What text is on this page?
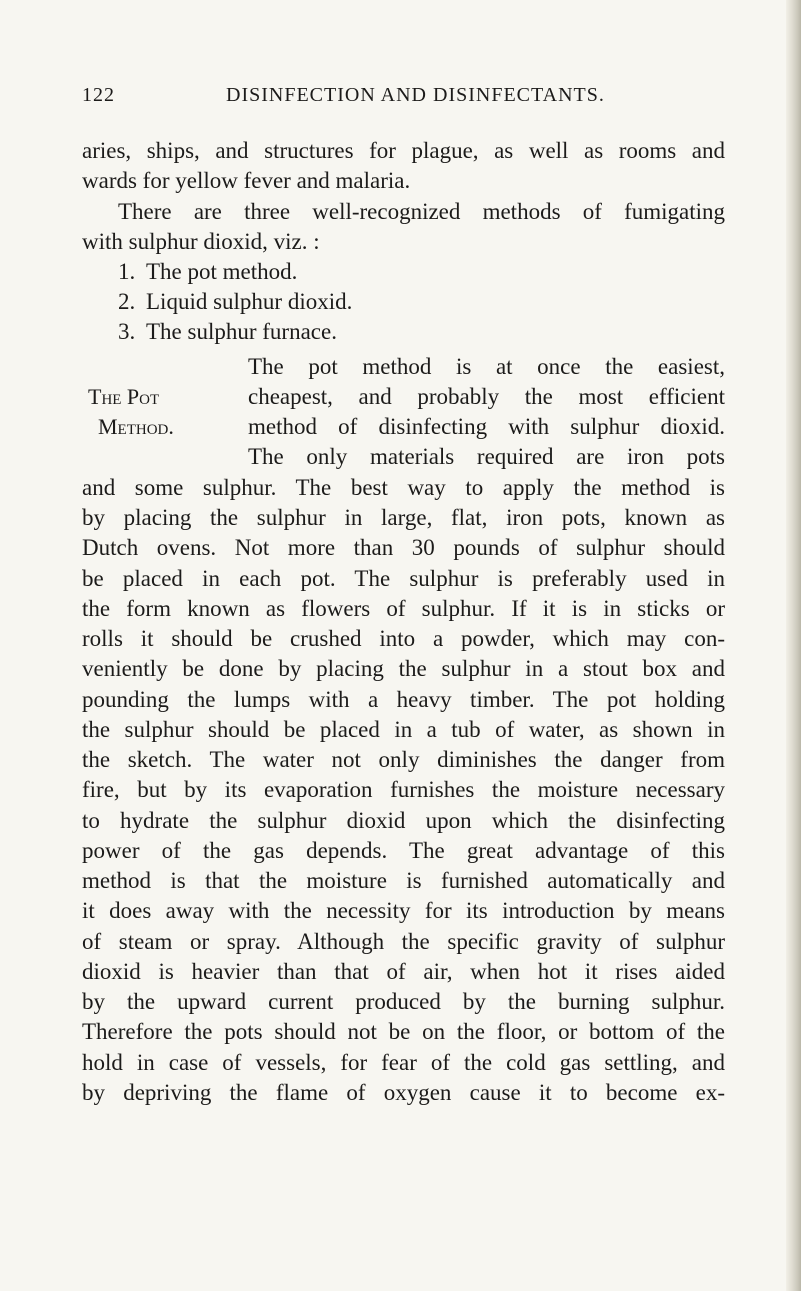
122	DISINFECTION AND DISINFECTANTS.
aries, ships, and structures for plague, as well as rooms and
wards for yellow fever and malaria.
There are three well-recognized methods of fumigating
with sulphur dioxid, viz. :
1. The pot method.
2. Liquid sulphur dioxid.
3. The sulphur furnace.
The Pot
Method.
The pot method is at once the easiest,
cheapest, and probably the most efficient
method of disinfecting with sulphur dioxid.
The only materials required are iron pots
and some sulphur. The best way to apply the method is
by placing the sulphur in large, flat, iron pots, known as
Dutch ovens. Not more than 30 pounds of sulphur should
be placed in each pot. The sulphur is preferably used in
the form known as flowers of sulphur. If it is in sticks or
rolls it should be crushed into a powder, which may con-
veniently be done by placing the sulphur in a stout box and
pounding the lumps with a heavy timber. The pot holding
the sulphur should be placed in a tub of water, as shown in
the sketch. The water not only diminishes the danger from
fire, but by its evaporation furnishes the moisture necessary
to hydrate the sulphur dioxid upon which the disinfecting
power of the gas depends. The great advantage of this
method is that the moisture is furnished automatically and
it does away with the necessity for its introduction by means
of steam or spray. Although the specific gravity of sulphur
dioxid is heavier than that of air, when hot it rises aided
by the upward current produced by the burning sulphur.
Therefore the pots should not be on the floor, or bottom of the
hold in case of vessels, for fear of the cold gas settling, and
by depriving the flame of oxygen cause it to become ex-
